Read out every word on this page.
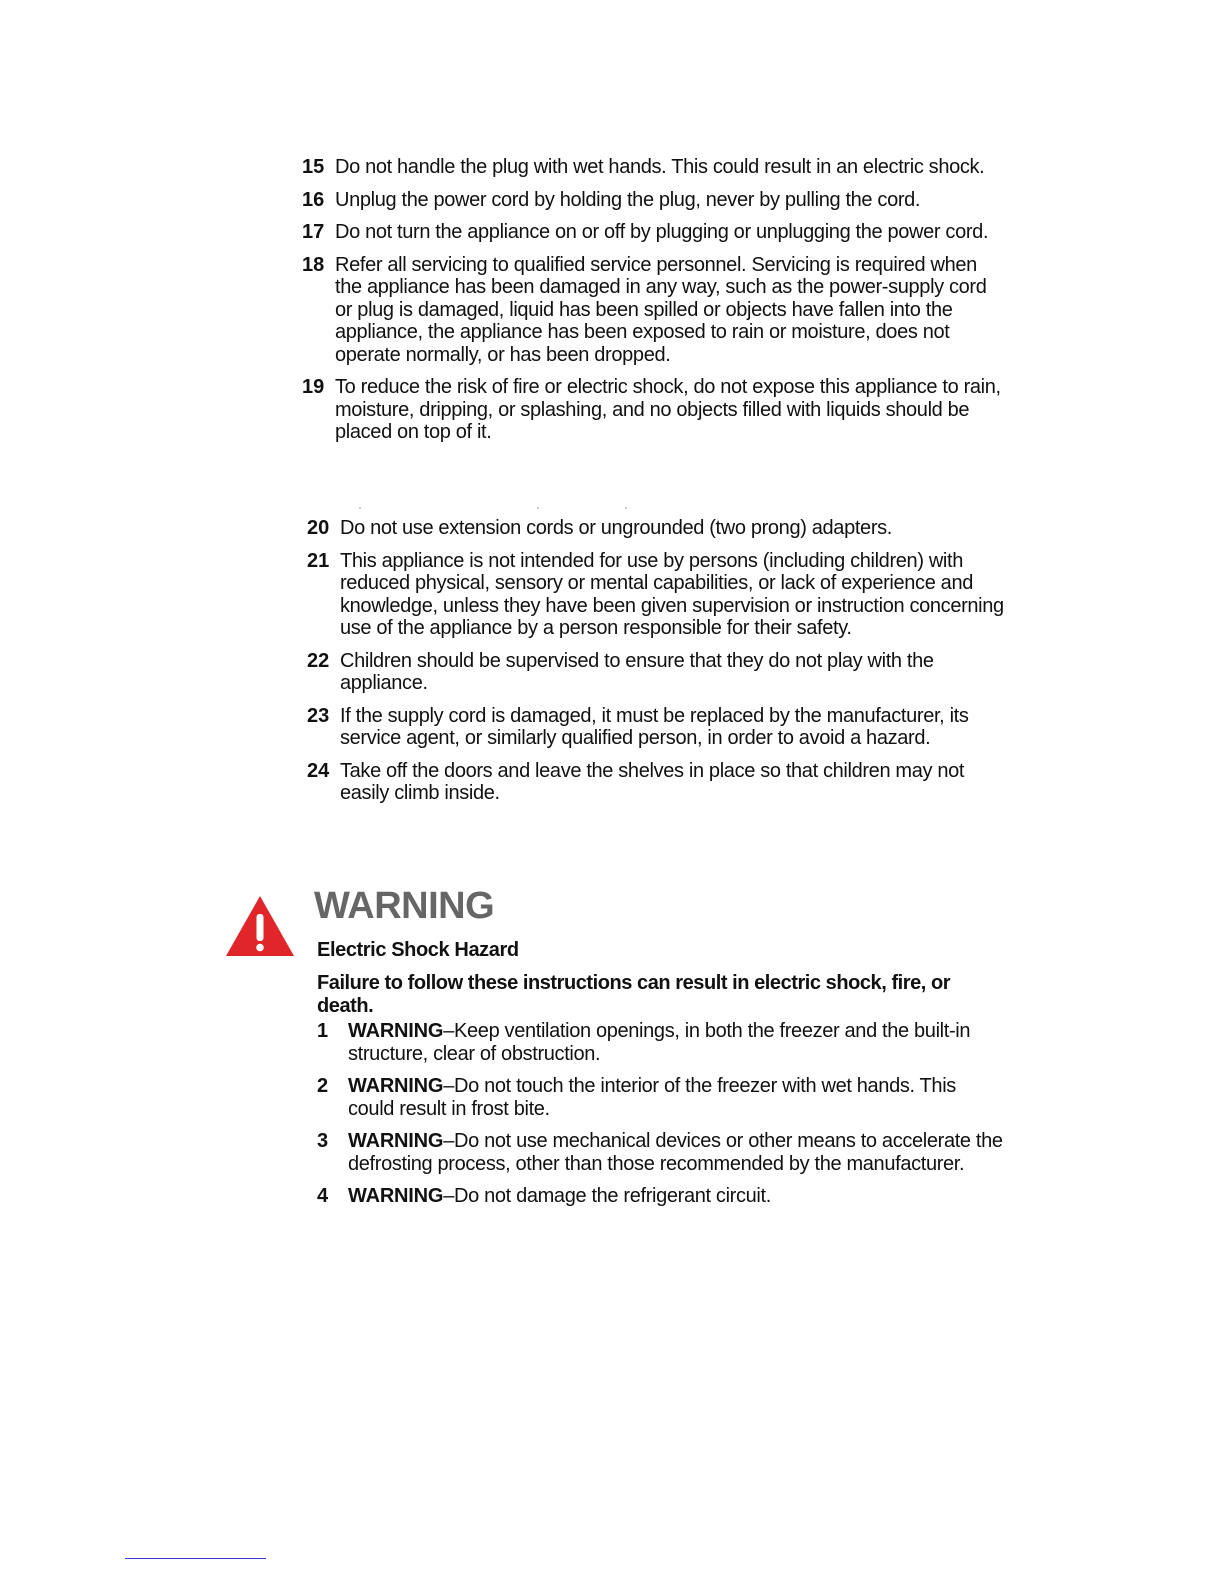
15 Do not handle the plug with wet hands. This could result in an electric shock.
16 Unplug the power cord by holding the plug, never by pulling the cord.
17 Do not turn the appliance on or off by plugging or unplugging the power cord.
18 Refer all servicing to qualified service personnel. Servicing is required when the appliance has been damaged in any way, such as the power-supply cord or plug is damaged, liquid has been spilled or objects have fallen into the appliance, the appliance has been exposed to rain or moisture, does not operate normally, or has been dropped.
19 To reduce the risk of fire or electric shock, do not expose this appliance to rain, moisture, dripping, or splashing, and no objects filled with liquids should be placed on top of it.
20 Do not use extension cords or ungrounded (two prong) adapters.
21 This appliance is not intended for use by persons (including children) with reduced physical, sensory or mental capabilities, or lack of experience and knowledge, unless they have been given supervision or instruction concerning use of the appliance by a person responsible for their safety.
22 Children should be supervised to ensure that they do not play with the appliance.
23 If the supply cord is damaged, it must be replaced by the manufacturer, its service agent, or similarly qualified person, in order to avoid a hazard.
24 Take off the doors and leave the shelves in place so that children may not easily climb inside.
WARNING
Electric Shock Hazard
Failure to follow these instructions can result in electric shock, fire, or death.
1 WARNING–Keep ventilation openings, in both the freezer and the built-in structure, clear of obstruction.
2 WARNING–Do not touch the interior of the freezer with wet hands. This could result in frost bite.
3 WARNING–Do not use mechanical devices or other means to accelerate the defrosting process, other than those recommended by the manufacturer.
4 WARNING–Do not damage the refrigerant circuit.
